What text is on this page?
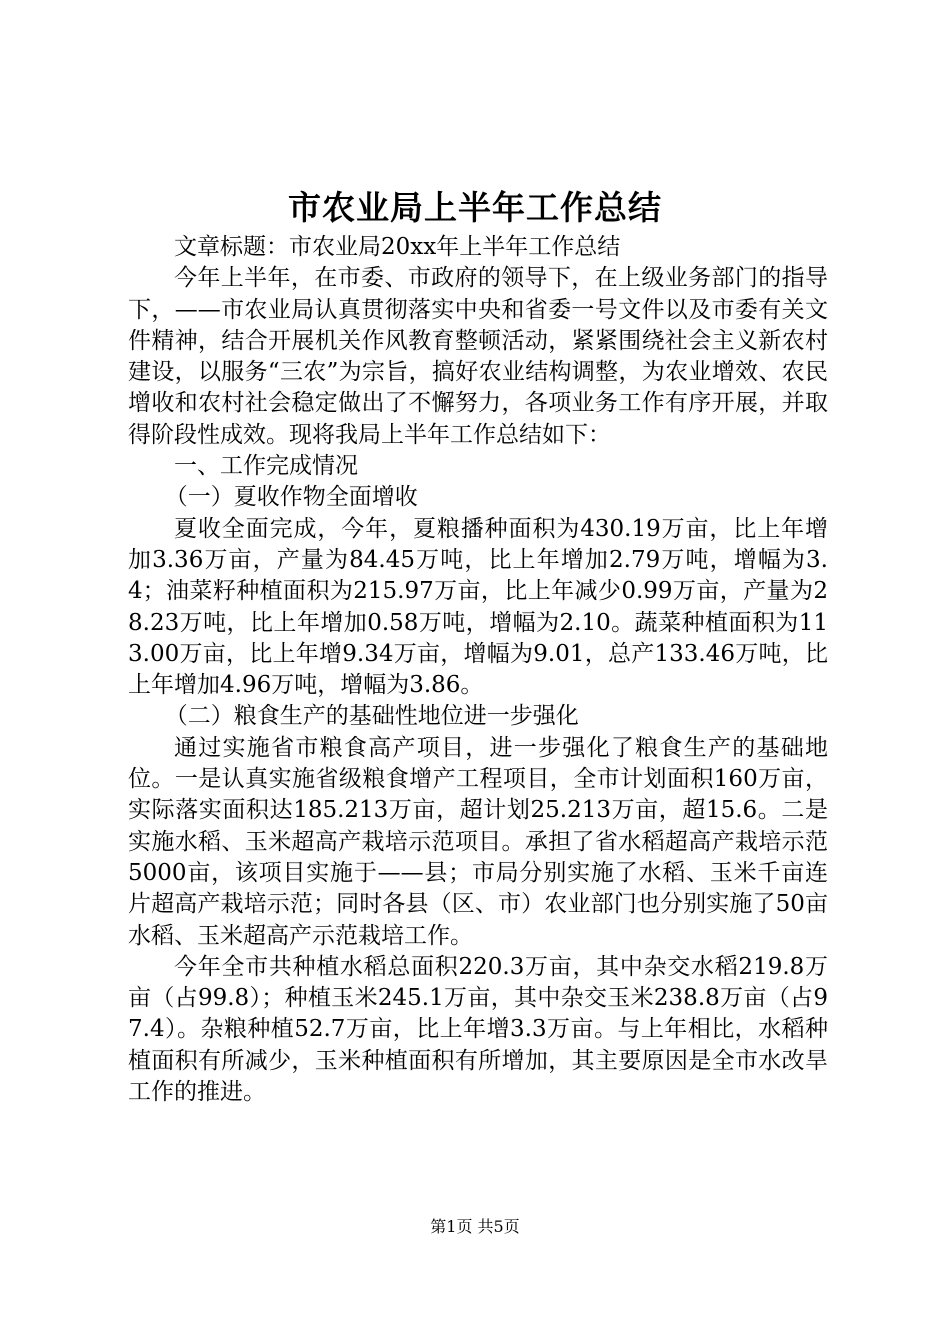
市农业局上半年工作总结

文章标题：市农业局20xx年上半年工作总结

今年上半年，在市委、市政府的领导下，在上级业务部门的指导下，——市农业局认真贯彻落实中央和省委一号文件以及市委有关文件精神，结合开展机关作风教育整顿活动，紧紧围绕社会主义新农村建设，以服务“三农”为宗旨，搞好农业结构调整，为农业增效、农民增收和农村社会稳定做出了不懈努力，各项业务工作有序开展，并取得阶段性成效。现将我局上半年工作总结如下：

一、工作完成情况

（一）夏收作物全面增收

夏收全面完成，今年，夏粮播种面积为430.19万亩，比上年增加3.36万亩，产量为84.45万吨，比上年增加2.79万吨，增幅为3.4；油菜籽种植面积为215.97万亩，比上年减少0.99万亩，产量为28.23万吨，比上年增加0.58万吨，增幅为2.10。蔬菜种植面积为113.00万亩，比上年增9.34万亩，增幅为9.01，总产133.46万吨，比上年增加4.96万吨，增幅为3.86。

（二）粮食生产的基础性地位进一步强化

通过实施省市粮食高产项目，进一步强化了粮食生产的基础地位。一是认真实施省级粮食增产工程项目，全市计划面积160万亩，实际落实面积达185.213万亩，超计划25.213万亩，超15.6。二是实施水稻、玉米超高产栽培示范项目。承担了省水稻超高产栽培示范5000亩，该项目实施于——县；市局分别实施了水稻、玉米千亩连片超高产栽培示范；同时各县（区、市）农业部门也分别实施了50亩水稻、玉米超高产示范栽培工作。

今年全市共种植水稻总面积220.3万亩，其中杂交水稻219.8万亩（占99.8）；种植玉米245.1万亩，其中杂交玉米238.8万亩（占97.4）。杂粮种植52.7万亩，比上年增3.3万亩。与上年相比，水稻种植面积有所减少，玉米种植面积有所增加，其主要原因是全市水改旱工作的推进。

第1页 共5页
